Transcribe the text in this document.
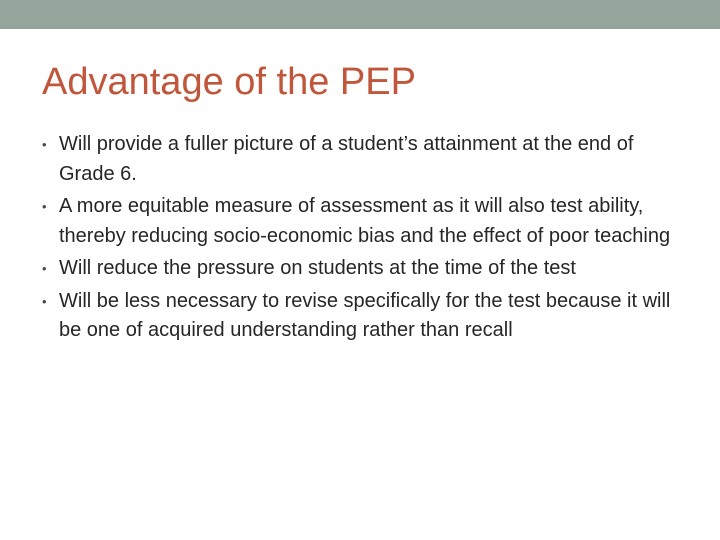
Advantage of the PEP
• Will provide a fuller picture of a student’s attainment at the end of Grade 6.
• A more equitable measure of assessment as it will also test ability, thereby reducing socio-economic bias and the effect of poor teaching
• Will reduce the pressure on students at the time of the test
• Will be less necessary to revise specifically for the test because it will be one of acquired understanding rather than recall
